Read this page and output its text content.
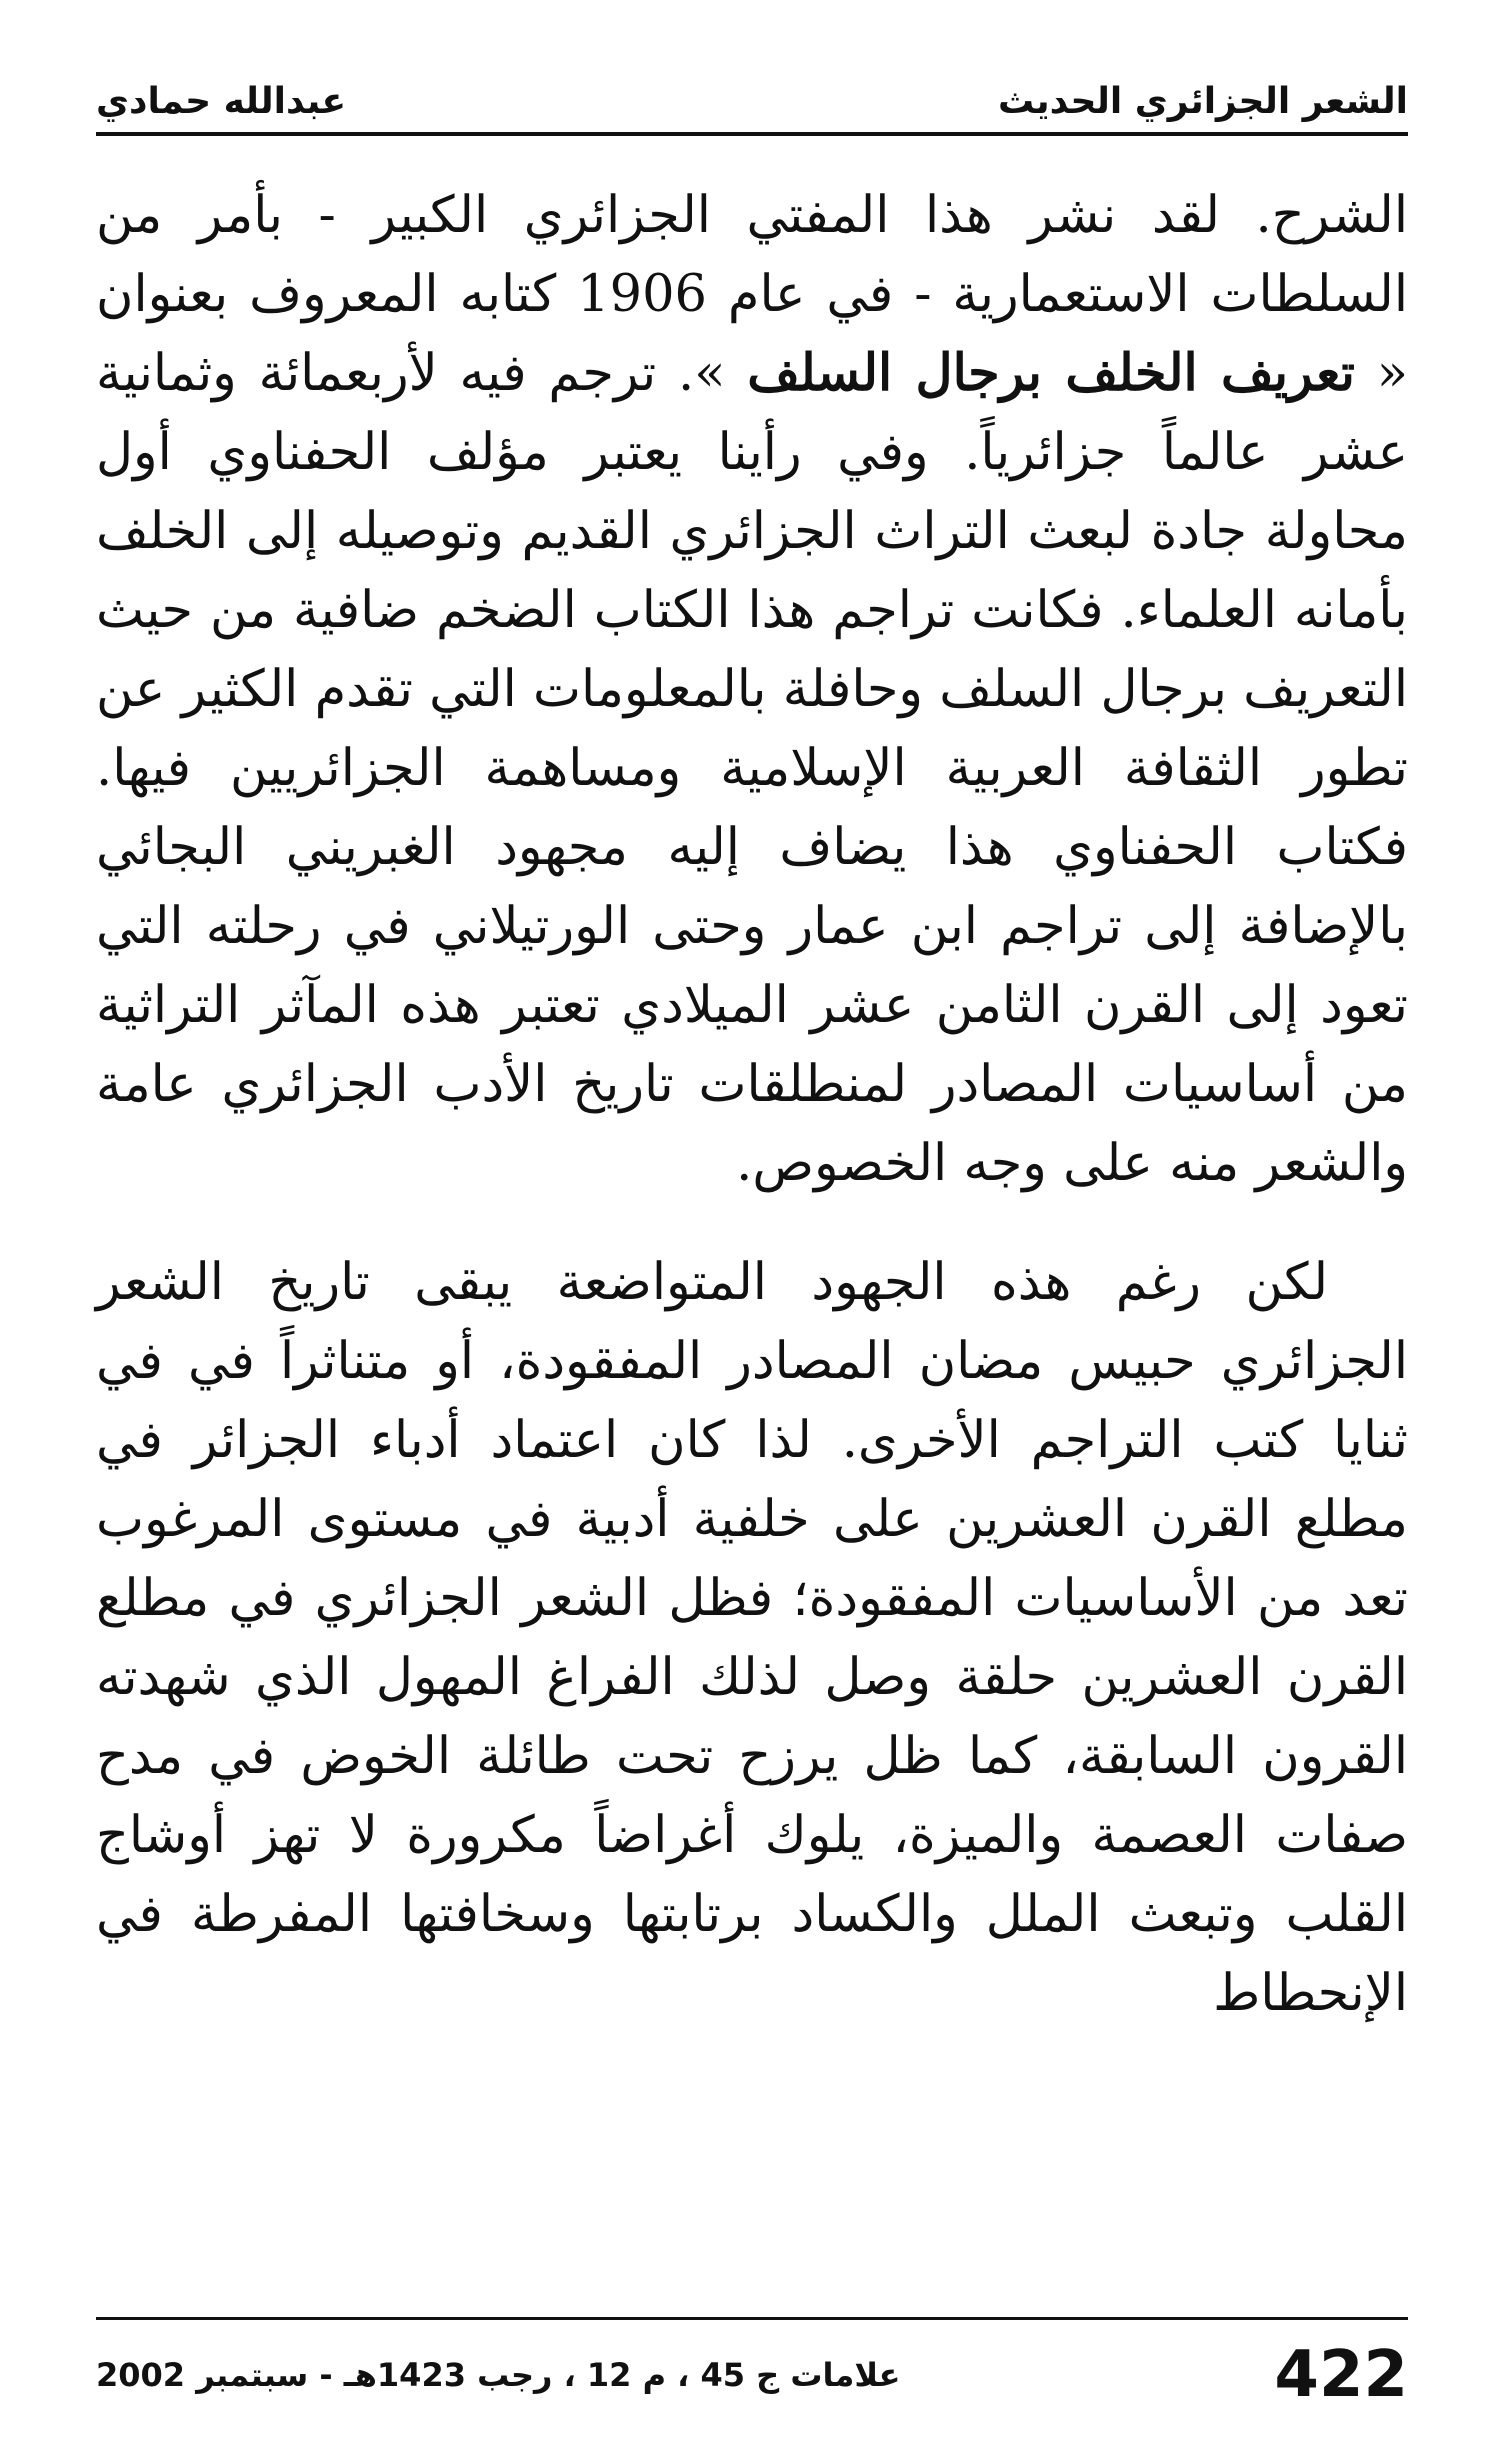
الشعر الجزائري الحديث
عبدالله حمادي

الشرح. لقد نشر هذا المفتي الجزائري الكبير - بأمر من السلطات الاستعمارية - في عام 1906 كتابه المعروف بعنوان « تعريف الخلف برجال السلف ». ترجم فيه لأربعمائة وثمانية عشر عالماً جزائرياً. وفي رأينا يعتبر مؤلف الحفناوي أول محاولة جادة لبعث التراث الجزائري القديم وتوصيله إلى الخلف بأمانه العلماء. فكانت تراجم هذا الكتاب الضخم ضافية من حيث التعريف برجال السلف وحافلة بالمعلومات التي تقدم الكثير عن تطور الثقافة العربية الإسلامية ومساهمة الجزائريين فيها. فكتاب الحفناوي هذا يضاف إليه مجهود الغبريني البجائي بالإضافة إلى تراجم ابن عمار وحتى الورتيلاني في رحلته التي تعود إلى القرن الثامن عشر الميلادي تعتبر هذه المآثر التراثية من أساسيات المصادر لمنطلقات تاريخ الأدب الجزائري عامة والشعر منه على وجه الخصوص.

لكن رغم هذه الجهود المتواضعة يبقى تاريخ الشعر الجزائري حبيس مضان المصادر المفقودة، أو متناثراً في في ثنايا كتب التراجم الأخرى. لذا كان اعتماد أدباء الجزائر في مطلع القرن العشرين على خلفية أدبية في مستوى المرغوب تعد من الأساسيات المفقودة؛ فظل الشعر الجزائري في مطلع القرن العشرين حلقة وصل لذلك الفراغ المهول الذي شهدته القرون السابقة، كما ظل يرزح تحت طائلة الخوض في مدح صفات العصمة والميزة، يلوك أغراضاً مكرورة لا تهز أوشاج القلب وتبعث الملل والكساد برتابتها وسخافتها المفرطة في الإنحطاط

422
علامات ج 45 ، م 12 ، رجب 1423هـ - سبتمبر 2002
